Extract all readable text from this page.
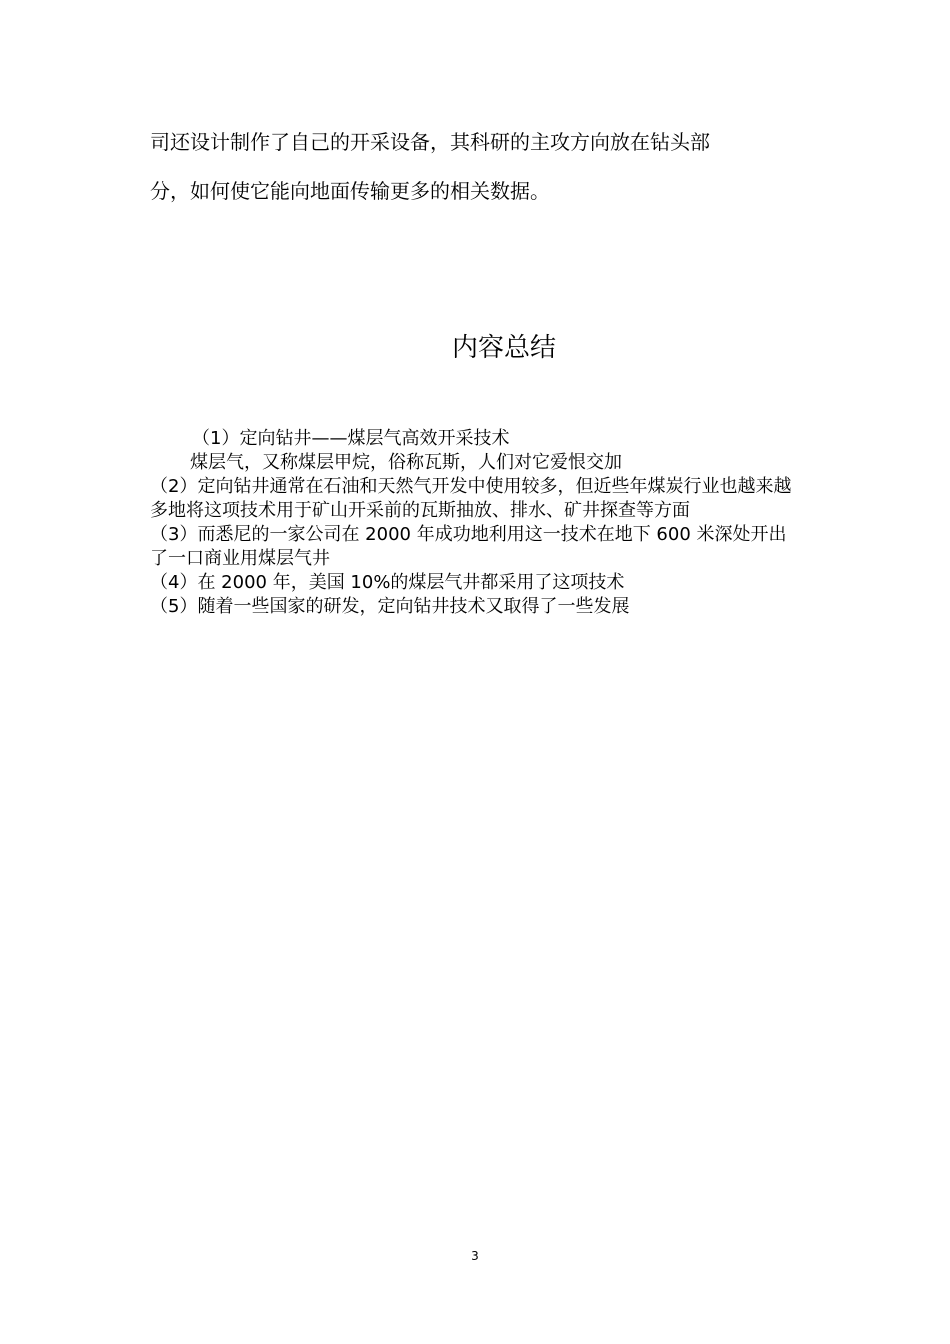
司还设计制作了自己的开采设备，其科研的主攻方向放在钻头部
分，如何使它能向地面传输更多的相关数据。
内容总结
（1）定向钻井——煤层气高效开采技术
煤层气，又称煤层甲烷，俗称瓦斯，人们对它爱恨交加
（2）定向钻井通常在石油和天然气开发中使用较多，但近些年煤炭行业也越来越多地将这项技术用于矿山开采前的瓦斯抽放、排水、矿井探查等方面
（3）而悉尼的一家公司在 2000 年成功地利用这一技术在地下 600 米深处开出了一口商业用煤层气井
（4）在 2000 年，美国 10%的煤层气井都采用了这项技术
（5）随着一些国家的研发，定向钻井技术又取得了一些发展
3
